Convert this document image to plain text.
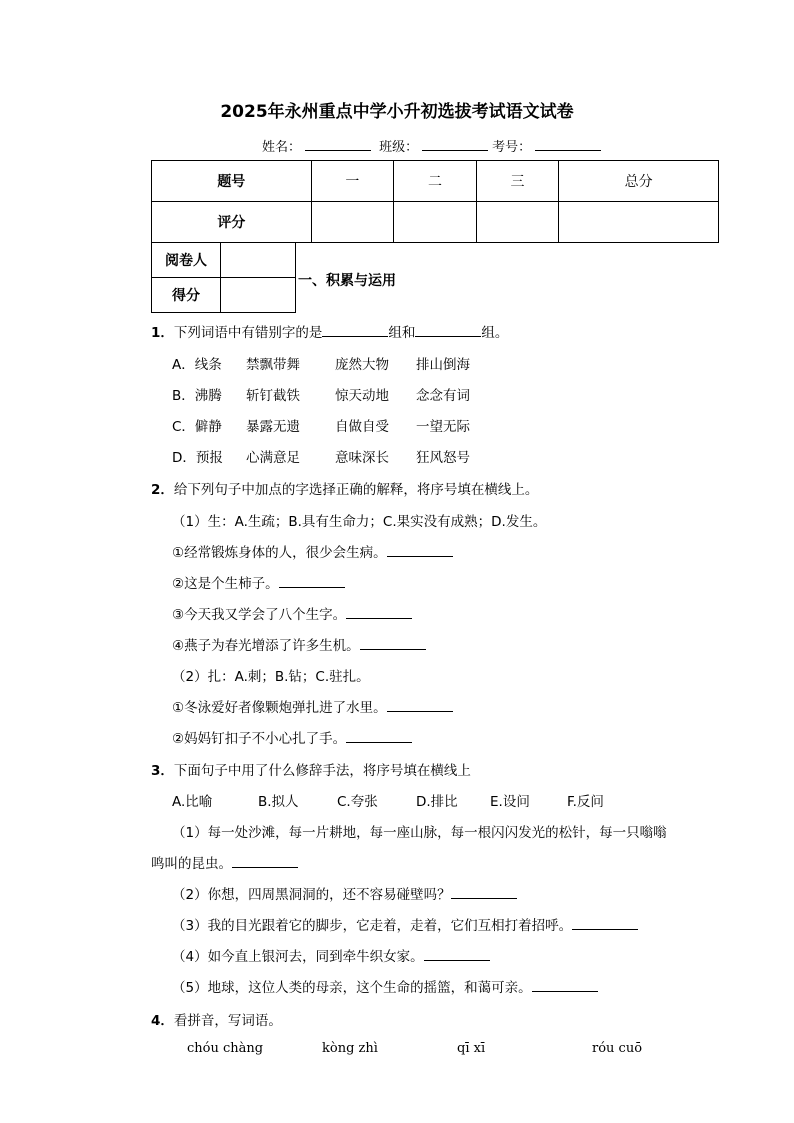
2025年永州重点中学小升初选拔考试语文试卷
姓名：	班级：	考号：
题号	一	二	三	总分
评分				
阅卷人	
得分	
一、积累与运用
1．下列词语中有错别字的是	组和	组。
A．线条 禁飘带舞	庞然大物 排山倒海
B．沸腾 斩钉截铁	惊天动地 念念有词
C．僻静 暴露无遗	自做自受 一望无际
D．预报 心满意足	意味深长 狂风怒号
2．给下列句子中加点的字选择正确的解释，将序号填在横线上。
（1）生：A.生疏；B.具有生命力；C.果实没有成熟；D.发生。
①经常锻炼身体的人，很少会生病。
②这是个生柿子。
③今天我又学会了八个生字。
④燕子为春光增添了许多生机。
（2）扎：A.刺；B.钻；C.驻扎。
①冬泳爱好者像颗炮弹扎进了水里。
②妈妈钉扣子不小心扎了手。
3．下面句子中用了什么修辞手法，将序号填在横线上
A.比喻	B.拟人	C.夸张	D.排比 E.设问	F.反问
（1）每一处沙滩，每一片耕地，每一座山脉，每一根闪闪发光的松针，每一只嗡嗡
鸣叫的昆虫。
（2）你想，四周黑洞洞的，还不容易碰壁吗？
（3）我的目光跟着它的脚步，它走着，走着，它们互相打着招呼。
（4）如今直上银河去，同到牵牛织女家。
（5）地球，这位人类的母亲，这个生命的摇篮，和蔼可亲。
4．看拼音，写词语。
chóu chàng	kòng zhì	qī xī	róu cuō
